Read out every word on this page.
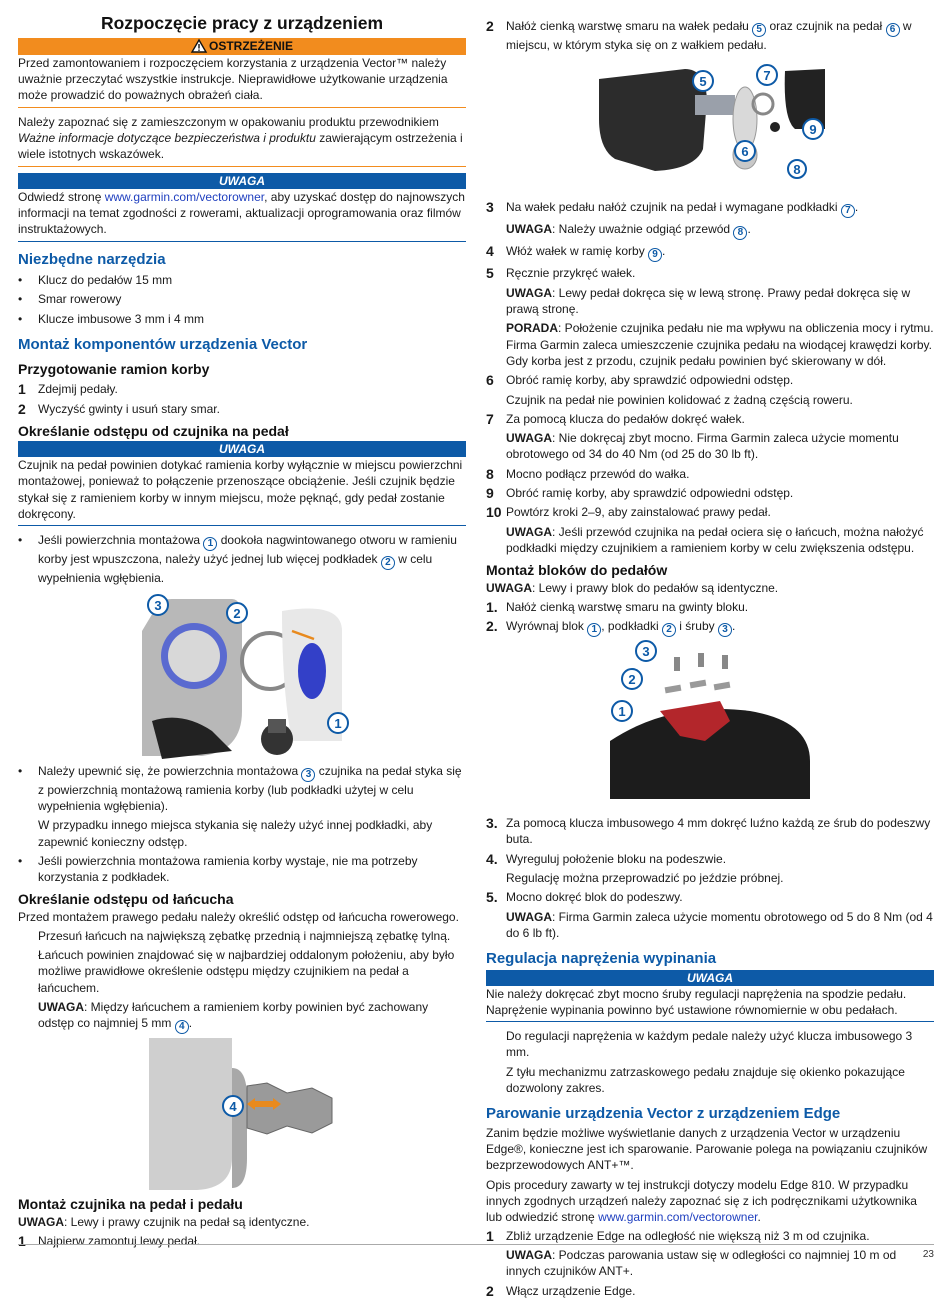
Rozpoczęcie pracy z urządzeniem
OSTRZEŻENIE

Przed zamontowaniem i rozpoczęciem korzystania z urządzenia Vector™ należy uważnie przeczytać wszystkie instrukcje. Nieprawidłowe użytkowanie urządzenia może prowadzić do poważnych obrażeń ciała.

Należy zapoznać się z zamieszczonym w opakowaniu produktu przewodnikiem Ważne informacje dotyczące bezpieczeństwa i produktu zawierającym ostrzeżenia i wiele istotnych wskazówek.

UWAGA

Odwiedź stronę www.garmin.com/vectorowner, aby uzyskać dostęp do najnowszych informacji na temat zgodności z rowerami, aktualizacji oprogramowania oraz filmów instruktażowych.

Niezbędne narzędzia
•	Klucz do pedałów 15 mm
•	Smar rowerowy
•	Klucze imbusowe 3 mm i 4 mm
Montaż komponentów urządzenia Vector
Przygotowanie ramion korby
1	Zdejmij pedały.
2	Wyczyść gwinty i usuń stary smar.
Określanie odstępu od czujnika na pedał
UWAGA

Czujnik na pedał powinien dotykać ramienia korby wyłącznie w miejscu powierzchni montażowej, ponieważ to połączenie przenoszące obciążenie. Jeśli czujnik będzie stykał się z ramieniem korby w innym miejscu, może pęknąć, gdy pedał zostanie dokręcony.

•	Jeśli powierzchnia montażowa 1 dookoła nagwintowanego otworu w ramieniu korby jest wpuszczona, należy użyć jednej lub więcej podkładek 2 w celu wypełnienia wgłębienia.
3
2
1
•	Należy upewnić się, że powierzchnia montażowa 3 czujnika na pedał styka się z powierzchnią montażową ramienia korby (lub podkładki użytej w celu wypełnienia wgłębienia).

W przypadku innego miejsca stykania się należy użyć innej podkładki, aby zapewnić konieczny odstęp.

•	Jeśli powierzchnia montażowa ramienia korby wystaje, nie ma potrzeby korzystania z podkładek.
Określanie odstępu od łańcucha

Przed montażem prawego pedału należy określić odstęp od łańcucha rowerowego.

Przesuń łańcuch na największą zębatkę przednią i najmniejszą zębatkę tylną.

Łańcuch powinien znajdować się w najbardziej oddalonym położeniu, aby było możliwe prawidłowe określenie odstępu między czujnikiem na pedał a łańcuchem.

UWAGA: Między łańcuchem a ramieniem korby powinien być zachowany odstęp co najmniej 5 mm 4 .

4
Montaż czujnika na pedał i pedału

UWAGA: Lewy i prawy czujnik na pedał są identyczne.

1	Najpierw zamontuj lewy pedał.
2	Nałóż cienką warstwę smaru na wałek pedału 5 oraz czujnik na pedał 6 w miejscu, w którym styka się on z wałkiem pedału.
5	7
6
9
8
3	Na wałek pedału nałóż czujnik na pedał i wymagane podkładki 7 .

UWAGA: Należy uważnie odgiąć przewód 8 .

4	Włóż wałek w ramię korby 9 .
5	Ręcznie przykręć wałek.

UWAGA: Lewy pedał dokręca się w lewą stronę. Prawy pedał dokręca się w prawą stronę.

PORADA: Położenie czujnika pedału nie ma wpływu na obliczenia mocy i rytmu. Firma Garmin zaleca umieszczenie czujnika pedału na wiodącej krawędzi korby. Gdy korba jest z przodu, czujnik pedału powinien być skierowany w dół.

6	Obróć ramię korby, aby sprawdzić odpowiedni odstęp.

Czujnik na pedał nie powinien kolidować z żadną częścią roweru.

7	Za pomocą klucza do pedałów dokręć wałek.

UWAGA: Nie dokręcaj zbyt mocno. Firma Garmin zaleca użycie momentu obrotowego od 34 do 40 Nm (od 25 do 30 lb ft).

8	Mocno podłącz przewód do wałka.
9	Obróć ramię korby, aby sprawdzić odpowiedni odstęp.
10 Powtórz kroki 2–9, aby zainstalować prawy pedał.

UWAGA: Jeśli przewód czujnika na pedał ociera się o łańcuch, można nałożyć podkładki między czujnikiem a ramieniem korby w celu zwiększenia odstępu.

Montaż bloków do pedałów

UWAGA: Lewy i prawy blok do pedałów są identyczne.

1. Nałóż cienką warstwę smaru na gwinty bloku.
2. Wyrównaj blok 1 , podkładki 2 i śruby 3 .
3
2
1
3. Za pomocą klucza imbusowego 4 mm dokręć luźno każdą ze śrub do podeszwy buta.
4. Wyreguluj położenie bloku na podeszwie.

Regulację można przeprowadzić po jeździe próbnej.

5. Mocno dokręć blok do podeszwy.

UWAGA: Firma Garmin zaleca użycie momentu obrotowego od 5 do 8 Nm (od 4 do 6 lb ft).

Regulacja naprężenia wypinania
UWAGA

Nie należy dokręcać zbyt mocno śruby regulacji naprężenia na spodzie pedału. Naprężenie wypinania powinno być ustawione równomiernie w obu pedałach.

Do regulacji naprężenia w każdym pedale należy użyć klucza imbusowego 3 mm.

Z tyłu mechanizmu zatrzaskowego pedału znajduje się okienko pokazujące dozwolony zakres.

Parowanie urządzenia Vector z urządzeniem Edge

Zanim będzie możliwe wyświetlanie danych z urządzenia Vector w urządzeniu Edge®, konieczne jest ich sparowanie. Parowanie polega na powiązaniu czujników bezprzewodowych ANT+™.

Opis procedury zawarty w tej instrukcji dotyczy modelu Edge 810. W przypadku innych zgodnych urządzeń należy zapoznać się z ich podręcznikami użytkownika lub odwiedzić stronę www.garmin.com/vectorowner.

1	Zbliż urządzenie Edge na odległość nie większą niż 3 m od czujnika.

UWAGA: Podczas parowania ustaw się w odległości co najmniej 10 m od innych czujników ANT+.

2	Włącz urządzenie Edge.
23
